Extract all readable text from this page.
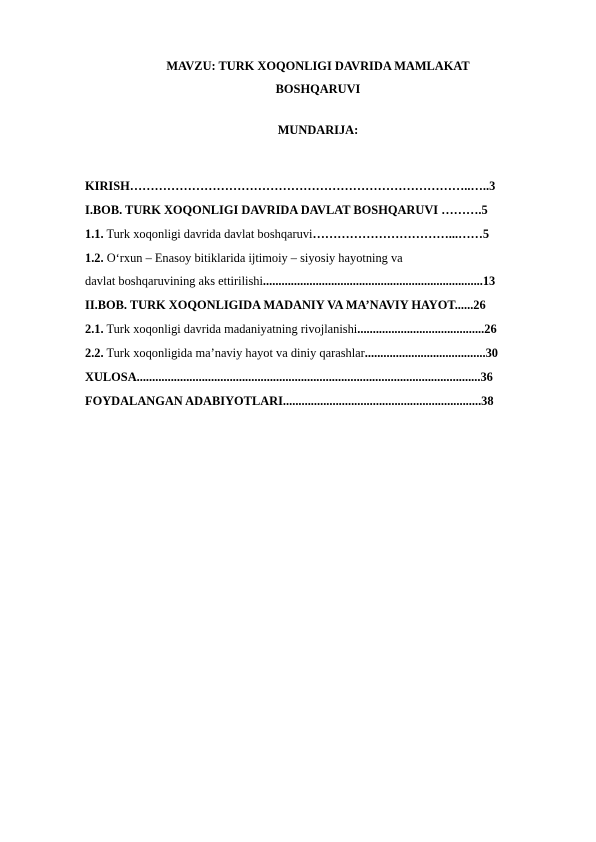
MAVZU: TURK XOQONLIGI DAVRIDA MAMLAKAT
BOSHQARUVI
MUNDARIJA:
KIRISH………………………………………………………………………..…..3
I.BOB. TURK XOQONLIGI DAVRIDA DAVLAT BOSHQARUVI ……….5
1.1. Turk xoqonligi davrida davlat boshqaruvi……………………………...……5
1.2. O‘rxun – Enasoy bitiklarida ijtimoiy – siyosiy hayotning va
davlat boshqaruvining aks ettirilishi.......................................................................13
II.BOB. TURK XOQONLIGIDA MADANIY VA MA’NAVIY HAYOT......26
2.1. Turk xoqonligi davrida madaniyatning rivojlanishi.........................................26
2.2. Turk xoqonligida ma’naviy hayot va diniy qarashlar.......................................30
XULOSA...............................................................................................................36
FOYDALANGAN ADABIYOTLARI................................................................38
